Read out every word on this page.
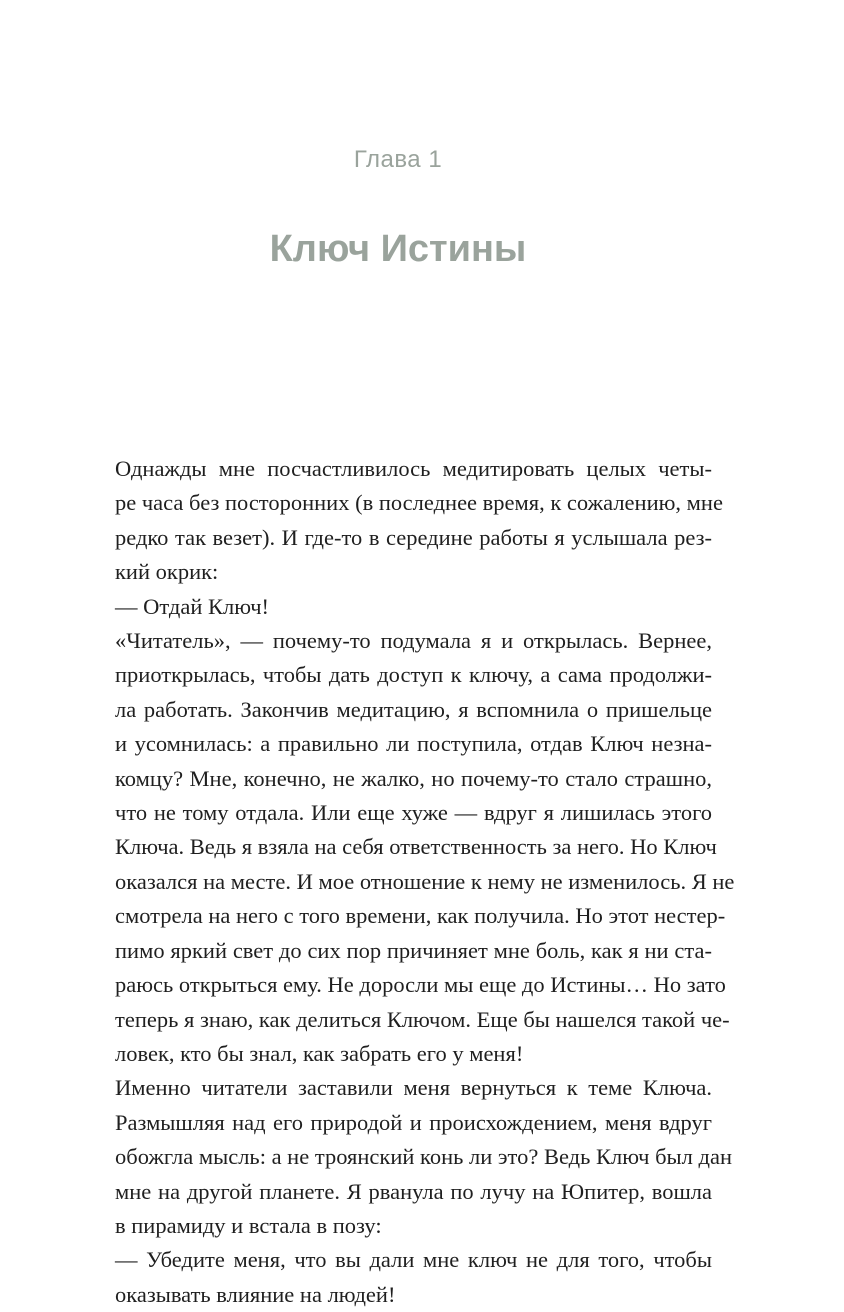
Глава 1
Ключ Истины

Однажды мне посчастливилось медитировать целых четы-
ре часа без посторонних (в последнее время, к сожалению, мне
редко так везет). И где-то в середине работы я услышала рез-
кий окрик:

— Отдай Ключ!

«Читатель», — почему-то подумала я и открылась. Вернее,
приоткрылась, чтобы дать доступ к ключу, а сама продолжи-
ла работать. Закончив медитацию, я вспомнила о пришельце
и усомнилась: а правильно ли поступила, отдав Ключ незна-
комцу? Мне, конечно, не жалко, но почему-то стало страшно,
что не тому отдала. Или еще хуже — вдруг я лишилась этого
Ключа. Ведь я взяла на себя ответственность за него. Но Ключ
оказался на месте. И мое отношение к нему не изменилось. Я не
смотрела на него с того времени, как получила. Но этот нестер-
пимо яркий свет до сих пор причиняет мне боль, как я ни ста-
раюсь открыться ему. Не доросли мы еще до Истины… Но зато
теперь я знаю, как делиться Ключом. Еще бы нашелся такой че-
ловек, кто бы знал, как забрать его у меня!

Именно читатели заставили меня вернуться к теме Ключа.
Размышляя над его природой и происхождением, меня вдруг
обожгла мысль: а не троянский конь ли это? Ведь Ключ был дан
мне на другой планете. Я рванула по лучу на Юпитер, вошла
в пирамиду и встала в позу:

— Убедите меня, что вы дали мне ключ не для того, чтобы
оказывать влияние на людей!
